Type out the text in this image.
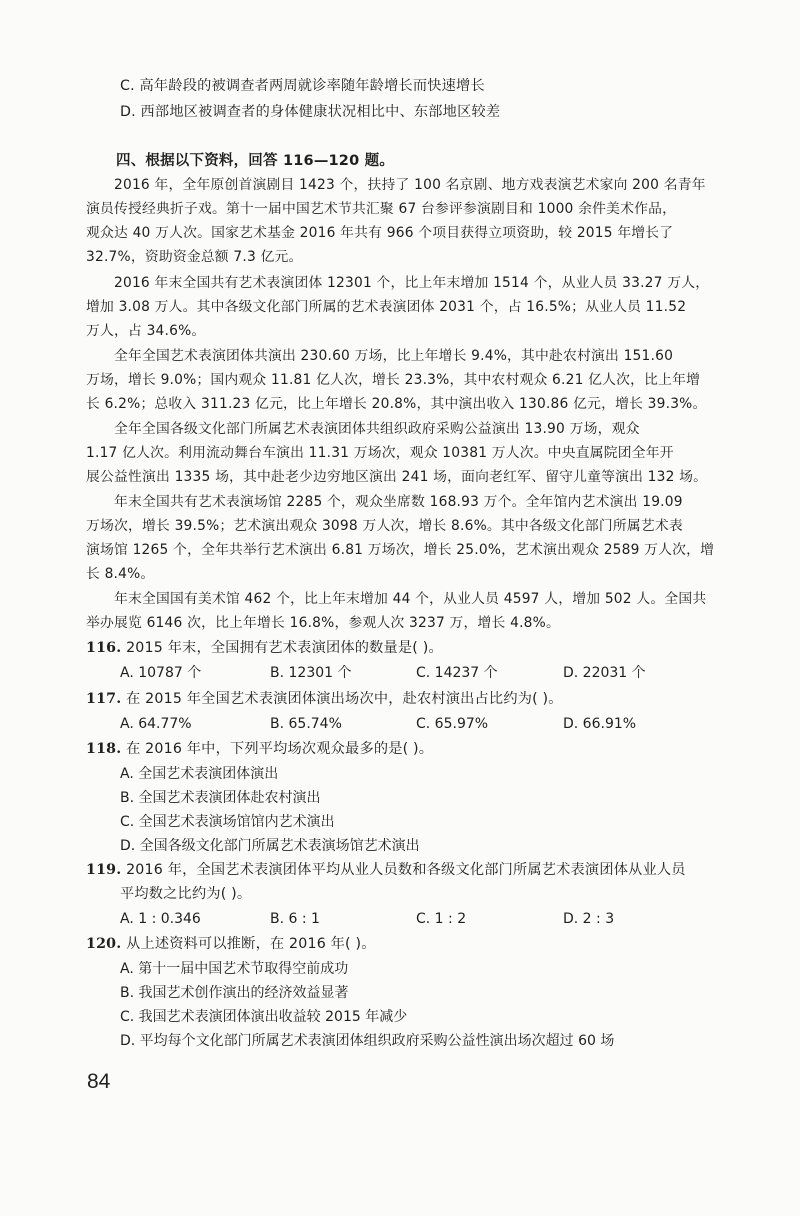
C. 高年龄段的被调查者两周就诊率随年龄增长而快速增长
D. 西部地区被调查者的身体健康状况相比中、东部地区较差
四、根据以下资料，回答 116—120 题。
2016 年，全年原创首演剧目 1423 个，扶持了 100 名京剧、地方戏表演艺术家向 200 名青年
演员传授经典折子戏。第十一届中国艺术节共汇聚 67 台参评参演剧目和 1000 余件美术作品，
观众达 40 万人次。国家艺术基金 2016 年共有 966 个项目获得立项资助，较 2015 年增长了
32.7%，资助资金总额 7.3 亿元。
2016 年末全国共有艺术表演团体 12301 个，比上年末增加 1514 个，从业人员 33.27 万人，
增加 3.08 万人。其中各级文化部门所属的艺术表演团体 2031 个，占 16.5%；从业人员 11.52
万人，占 34.6%。
全年全国艺术表演团体共演出 230.60 万场，比上年增长 9.4%，其中赴农村演出 151.60
万场，增长 9.0%；国内观众 11.81 亿人次，增长 23.3%，其中农村观众 6.21 亿人次，比上年增
长 6.2%；总收入 311.23 亿元，比上年增长 20.8%，其中演出收入 130.86 亿元，增长 39.3%。
全年全国各级文化部门所属艺术表演团体共组织政府采购公益演出 13.90 万场，观众
1.17 亿人次。利用流动舞台车演出 11.31 万场次，观众 10381 万人次。中央直属院团全年开
展公益性演出 1335 场，其中赴老少边穷地区演出 241 场，面向老红军、留守儿童等演出 132 场。
年末全国共有艺术表演场馆 2285 个，观众坐席数 168.93 万个。全年馆内艺术演出 19.09
万场次，增长 39.5%；艺术演出观众 3098 万人次，增长 8.6%。其中各级文化部门所属艺术表
演场馆 1265 个，全年共举行艺术演出 6.81 万场次，增长 25.0%，艺术演出观众 2589 万人次，增
长 8.4%。
年末全国国有美术馆 462 个，比上年末增加 44 个，从业人员 4597 人，增加 502 人。全国共
举办展览 6146 次，比上年增长 16.8%，参观人次 3237 万，增长 4.8%。
116. 2015 年末，全国拥有艺术表演团体的数量是( )。
A. 10787 个	B. 12301 个	C. 14237 个	D. 22031 个
117. 在 2015 年全国艺术表演团体演出场次中，赴农村演出占比约为( )。
A. 64.77%	B. 65.74%	C. 65.97%	D. 66.91%
118. 在 2016 年中，下列平均场次观众最多的是( )。
A. 全国艺术表演团体演出
B. 全国艺术表演团体赴农村演出
C. 全国艺术表演场馆馆内艺术演出
D. 全国各级文化部门所属艺术表演场馆艺术演出
119. 2016 年，全国艺术表演团体平均从业人员数和各级文化部门所属艺术表演团体从业人员
平均数之比约为( )。
A. 1 : 0.346	B. 6 : 1	C. 1 : 2	D. 2 : 3
120. 从上述资料可以推断，在 2016 年( )。
A. 第十一届中国艺术节取得空前成功
B. 我国艺术创作演出的经济效益显著
C. 我国艺术表演团体演出收益较 2015 年减少
D. 平均每个文化部门所属艺术表演团体组织政府采购公益性演出场次超过 60 场
84
